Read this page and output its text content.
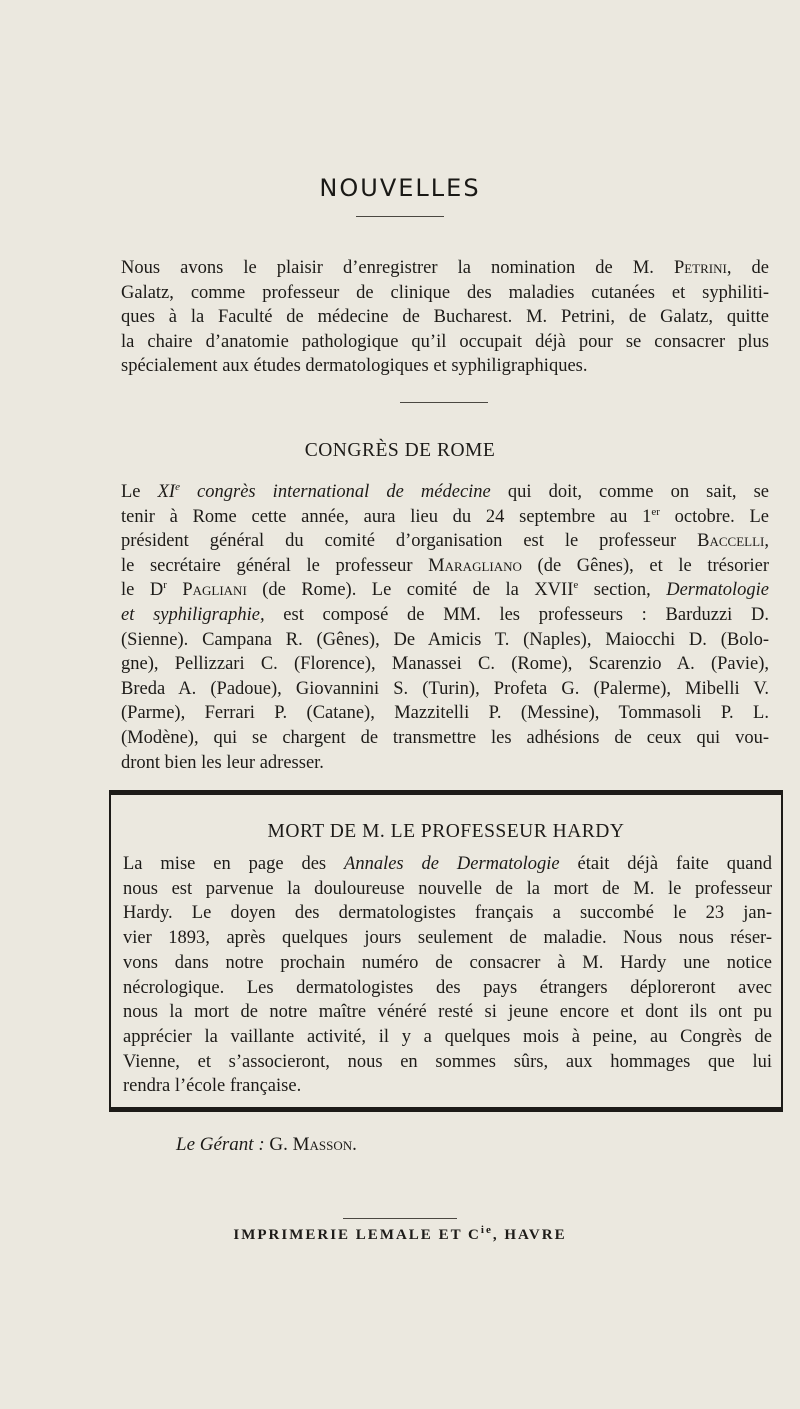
NOUVELLES

Nous avons le plaisir d’enregistrer la nomination de M. Petrini, de
Galatz, comme professeur de clinique des maladies cutanées et syphiliti-
ques à la Faculté de médecine de Bucharest. M. Petrini, de Galatz, quitte
la chaire d’anatomie pathologique qu’il occupait déjà pour se consacrer plus
spécialement aux études dermatologiques et syphiligraphiques.

CONGRÈS DE ROME

Le XIe congrès international de médecine qui doit, comme on sait, se
tenir à Rome cette année, aura lieu du 24 septembre au 1er octobre. Le
président général du comité d’organisation est le professeur Baccelli,
le secrétaire général le professeur Maragliano (de Gênes), et le trésorier
le $D^r$ Pagliani (de Rome). Le comité de la XVIIe section, Dermatologie
et syphiligraphie, est composé de MM. les professeurs : Barduzzi D.
(Sienne). Campana R. (Gênes), De Amicis T. (Naples), Maiocchi D. (Bolo-
gne), Pellizzari C. (Florence), Manassei C. (Rome), Scarenzio A. (Pavie),
Breda A. (Padoue), Giovannini S. (Turin), Profeta G. (Palerme), Mibelli V.
(Parme), Ferrari P. (Catane), Mazzitelli P. (Messine), Tommasoli P. L.
(Modène), qui se chargent de transmettre les adhésions de ceux qui vou-
dront bien les leur adresser.

MORT DE M. LE PROFESSEUR HARDY

La mise en page des Annales de Dermatologie était déjà faite quand
nous est parvenue la douloureuse nouvelle de la mort de M. le professeur
Hardy. Le doyen des dermatologistes français a succombé le 23 jan-
vier 1893, après quelques jours seulement de maladie. Nous nous réser-
vons dans notre prochain numéro de consacrer à M. Hardy une notice
nécrologique. Les dermatologistes des pays étrangers déploreront avec
nous la mort de notre maître vénéré resté si jeune encore et dont ils ont pu
apprécier la vaillante activité, il y a quelques mois à peine, au Congrès de
Vienne, et s’associeront, nous en sommes sûrs, aux hommages que lui
rendra l’école française.

Le Gérant : G. Masson.
IMPRIMERIE LEMALE ET $C^{ie}$, HAVRE
